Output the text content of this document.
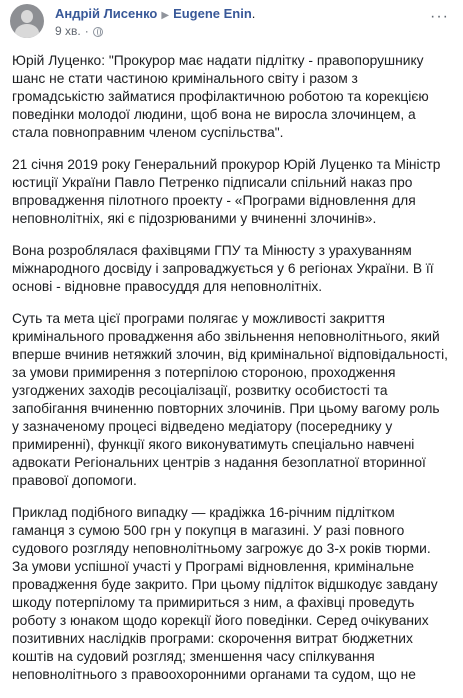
Андрій Лисенко ▶ Eugene Enin.
9 хв. ·
···

Юрій Луценко: "Прокурор має надати підлітку - правопорушнику шанс не стати частиною кримінального світу і разом з громадськістю займатися профілактичною роботою та корекцією поведінки молодої людини, щоб вона не виросла злочинцем, а стала повноправним членом суспільства".

21 січня 2019 року Генеральний прокурор Юрій Луценко та Міністр юстиції України Павло Петренко підписали спільний наказ про впровадження пілотного проекту - «Програми відновлення для неповнолітніх, які є підозрюваними у вчиненні злочинів».

Вона розроблялася фахівцями ГПУ та Мінюсту з урахуванням міжнародного досвіду і запроваджується у 6 регіонах України. В її основі - відновне правосуддя для неповнолітніх.

Суть та мета цієї програми полягає у можливості закриття кримінального провадження або звільнення неповнолітнього, який вперше вчинив нетяжкий злочин, від кримінальної відповідальності, за умови примирення з потерпілою стороною, проходження узгоджених заходів ресоціалізації, розвитку особистості та запобігання вчиненню повторних злочинів. При цьому вагому роль у зазначеному процесі відведено медіатору (посереднику у примиренні), функції якого виконуватимуть спеціально навчені адвокати Регіональних центрів з надання безоплатної вторинної правової допомоги.

Приклад подібного випадку — крадіжка 16-річним підлітком гаманця з сумою 500 грн у покупця в магазині. У разі повного судового розгляду неповнолітньому загрожує до 3-х років тюрми. За умови успішної участі у Програмі відновлення, кримінальне провадження буде закрито. При цьому підліток відшкодує завдану шкоду потерпілому та примириться з ним, а фахівці проведуть роботу з юнаком щодо корекції його поведінки. Серед очікуваних позитивних наслідків програми: скорочення витрат бюджетних коштів на судовий розгляд; зменшення часу спілкування неповнолітнього з правоохоронними органами та судом, що не
